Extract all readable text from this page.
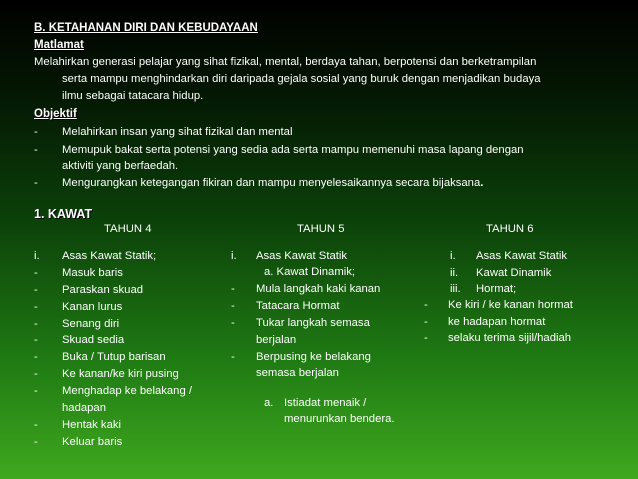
B. KETAHANAN DIRI DAN KEBUDAYAAN
Matlamat
Melahirkan generasi pelajar yang sihat fizikal, mental, berdaya tahan, berpotensi dan berketrampilan
serta mampu menghindarkan diri daripada gejala sosial yang buruk dengan menjadikan budaya
ilmu sebagai tatacara hidup.
Objektif
- Melahirkan insan yang sihat fizikal dan mental
- Memupuk bakat serta potensi yang sedia ada serta mampu memenuhi masa lapang dengan
aktiviti yang berfaedah.
- Mengurangkan ketegangan fikiran dan mampu menyelesaikannya secara bijaksana.
1. KAWAT
TAHUN 4	TAHUN 5	TAHUN 6
i. Asas Kawat Statik;
- Masuk baris
- Paraskan skuad
- Kanan lurus
- Senang diri
- Skuad sedia
- Buka / Tutup barisan
- Ke kanan/ke kiri pusing
- Menghadap ke belakang /
hadapan
- Hentak kaki
- Keluar baris
i. Asas Kawat Statik
a. Kawat Dinamik;
- Mula langkah kaki kanan
- Tatacara Hormat
- Tukar langkah semasa
berjalan
- Berpusing ke belakang
semasa berjalan
a. Istiadat menaik /
menurunkan bendera.
i. Asas Kawat Statik
ii. Kawat Dinamik
iii. Hormat;
- Ke kiri / ke kanan hormat
- ke hadapan hormat
- selaku terima sijil/hadiah
